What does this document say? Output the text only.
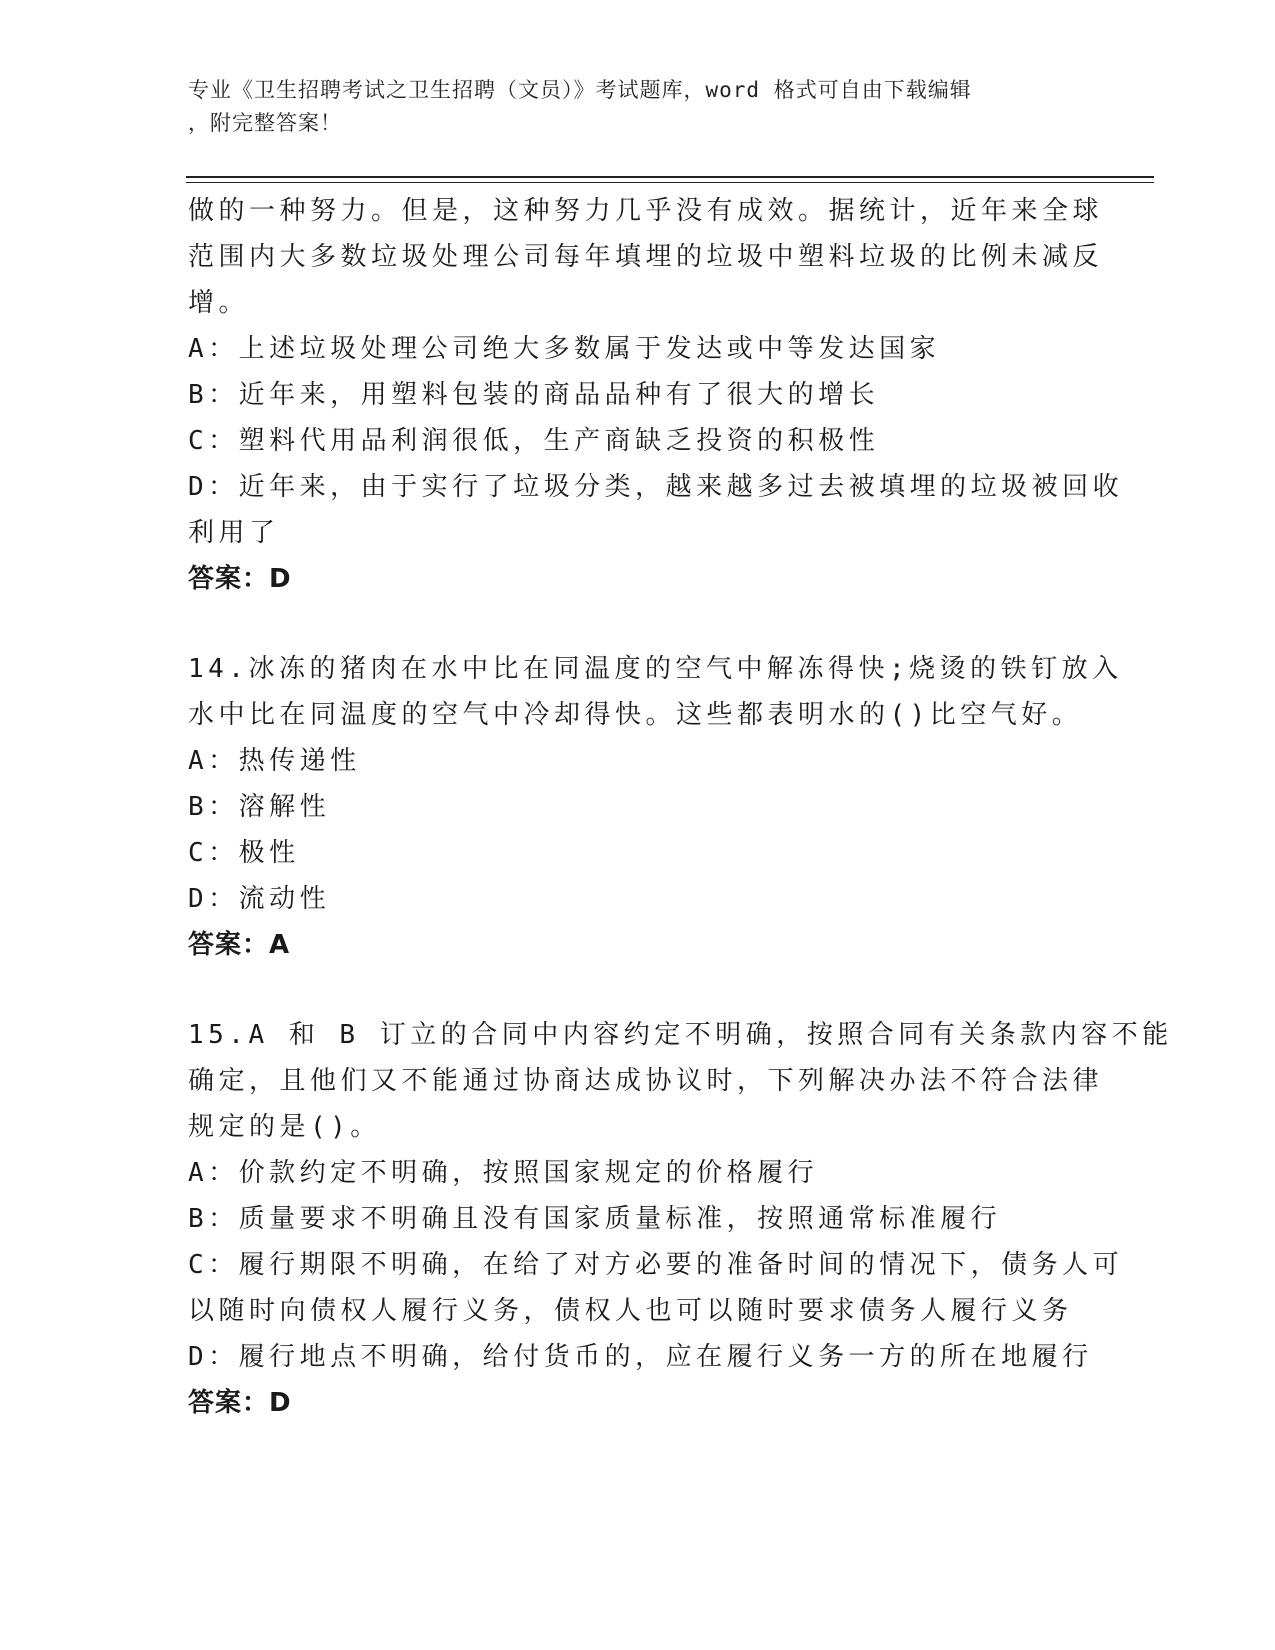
专业《卫生招聘考试之卫生招聘（文员）》考试题库，word 格式可自由下载编辑
，附完整答案！
做的一种努力。但是，这种努力几乎没有成效。据统计，近年来全球
范围内大多数垃圾处理公司每年填埋的垃圾中塑料垃圾的比例未减反
增。
A：上述垃圾处理公司绝大多数属于发达或中等发达国家
B：近年来，用塑料包装的商品品种有了很大的增长
C：塑料代用品利润很低，生产商缺乏投资的积极性
D：近年来，由于实行了垃圾分类，越来越多过去被填埋的垃圾被回收
利用了
答案：D
14.冰冻的猪肉在水中比在同温度的空气中解冻得快;烧烫的铁钉放入
水中比在同温度的空气中冷却得快。这些都表明水的()比空气好。
A：热传递性
B：溶解性
C：极性
D：流动性
答案：A
15.A 和 B 订立的合同中内容约定不明确，按照合同有关条款内容不能
确定，且他们又不能通过协商达成协议时，下列解决办法不符合法律
规定的是()。
A：价款约定不明确，按照国家规定的价格履行
B：质量要求不明确且没有国家质量标准，按照通常标准履行
C：履行期限不明确，在给了对方必要的准备时间的情况下，债务人可
以随时向债权人履行义务，债权人也可以随时要求债务人履行义务
D：履行地点不明确，给付货币的，应在履行义务一方的所在地履行
答案：D
